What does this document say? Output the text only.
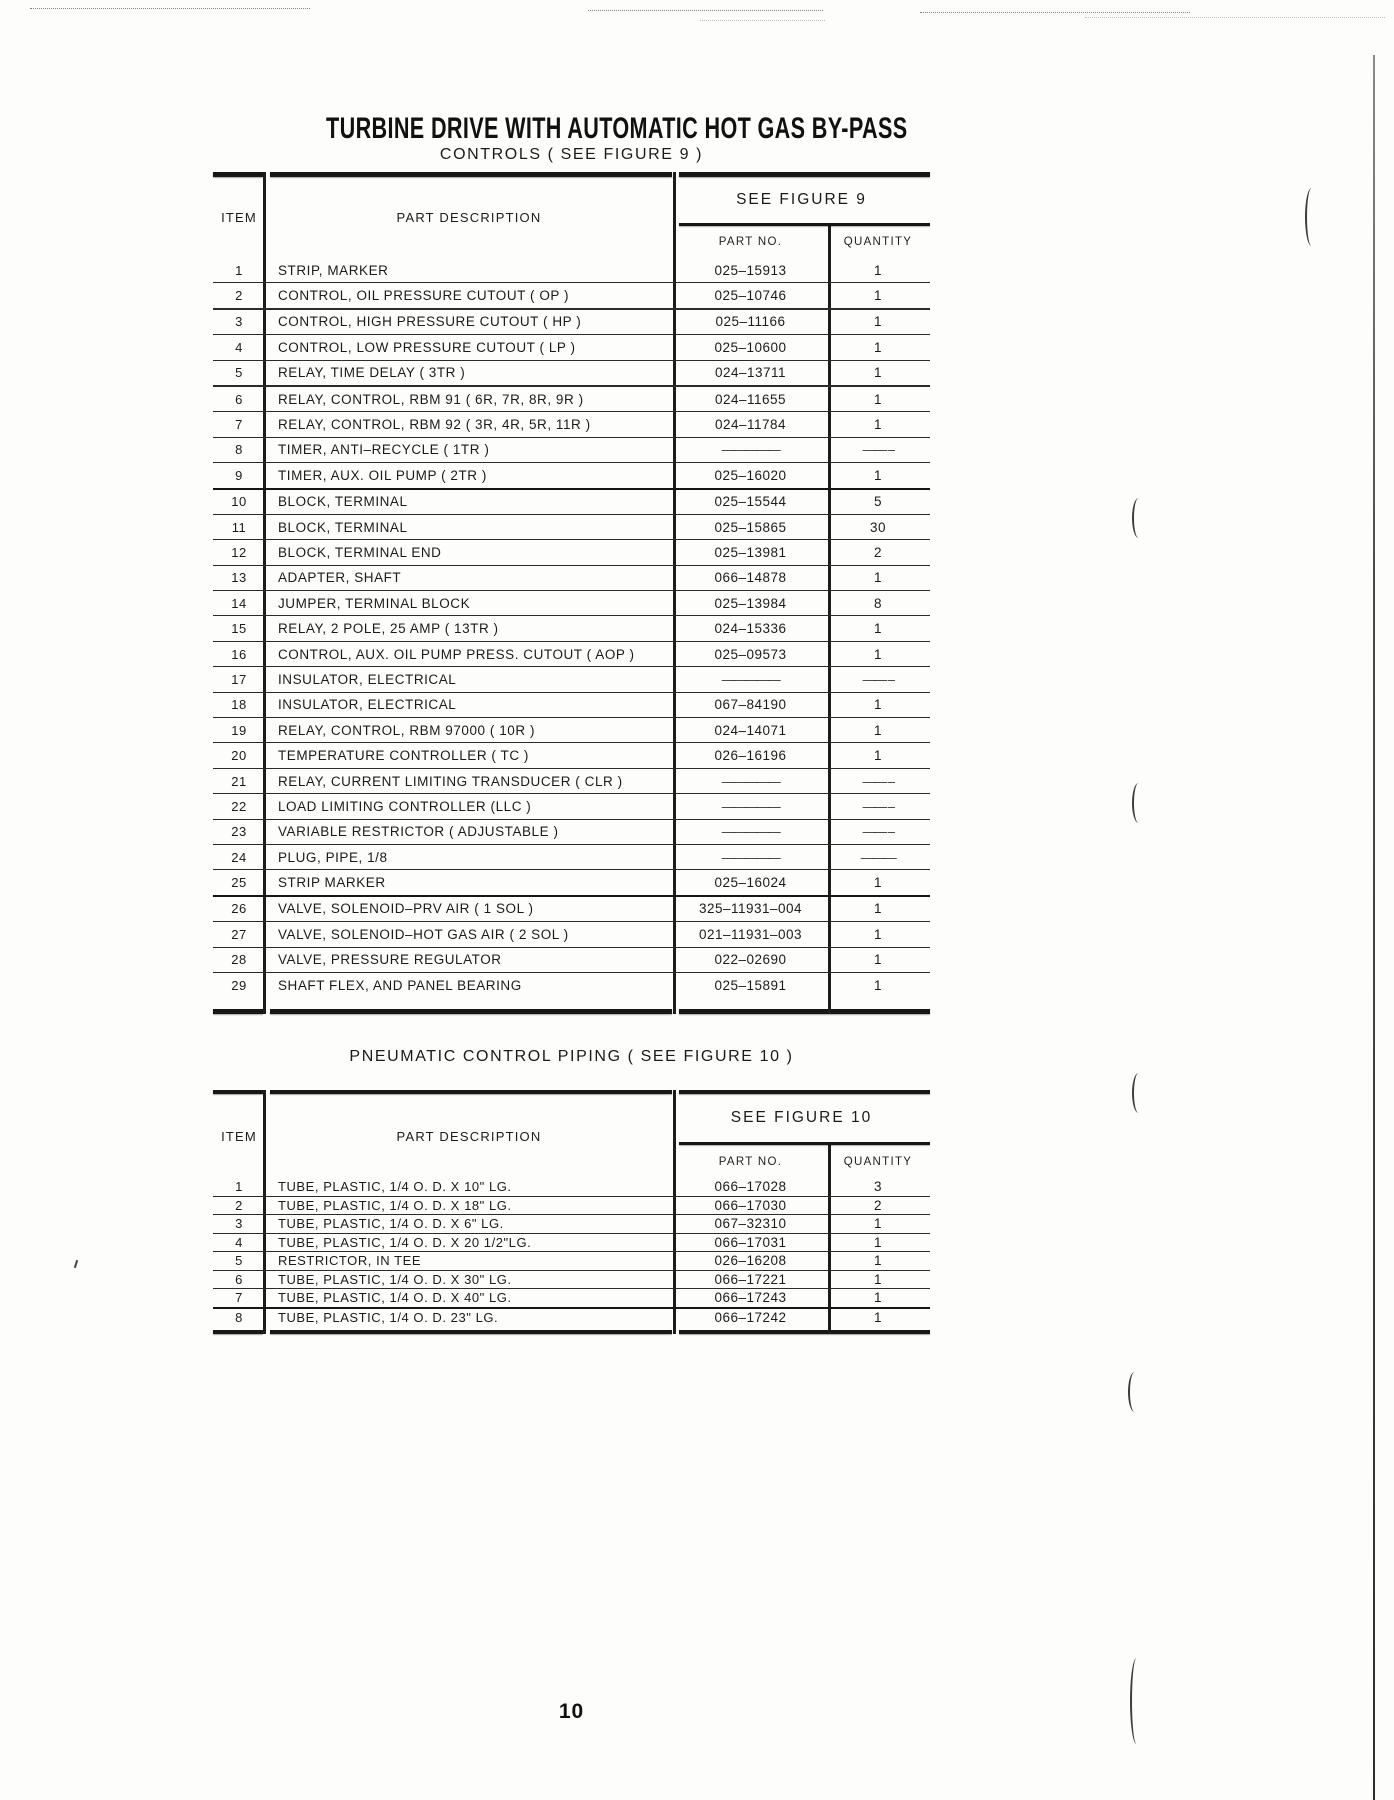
TURBINE DRIVE WITH AUTOMATIC HOT GAS BY-PASS
CONTROLS ( SEE FIGURE 9 )
ITEM	PART DESCRIPTION
SEE FIGURE 9
PART NO.	QUANTITY
1	STRIP, MARKER	025–15913	1
2	CONTROL, OIL PRESSURE CUTOUT ( OP )	025–10746	1
3	CONTROL, HIGH PRESSURE CUTOUT ( HP )	025–11166	1
4	CONTROL, LOW PRESSURE CUTOUT ( LP )	025–10600	1
5	RELAY, TIME DELAY ( 3TR )	024–13711	1
6	RELAY, CONTROL, RBM 91 ( 6R, 7R, 8R, 9R )	024–11655	1
7	RELAY, CONTROL, RBM 92 ( 3R, 4R, 5R, 11R )	024–11784	1
8	TIMER, ANTI–RECYCLE ( 1TR )	—————	—— –
9	TIMER, AUX. OIL PUMP ( 2TR )	025–16020	1
10	BLOCK, TERMINAL	025–15544	5
11	BLOCK, TERMINAL	025–15865	30
12	BLOCK, TERMINAL END	025–13981	2
13	ADAPTER, SHAFT	066–14878	1
14	JUMPER, TERMINAL BLOCK	025–13984	8
15	RELAY, 2 POLE, 25 AMP ( 13TR )	024–15336	1
16	CONTROL, AUX. OIL PUMP PRESS. CUTOUT ( AOP )	025–09573	1
17	INSULATOR, ELECTRICAL	—————	—— –
18	INSULATOR, ELECTRICAL	067–84190	1
19	RELAY, CONTROL, RBM 97000 ( 10R )	024–14071	1
20	TEMPERATURE CONTROLLER ( TC )	026–16196	1
21	RELAY, CURRENT LIMITING TRANSDUCER ( CLR )	—————	—— –
22	LOAD LIMITING CONTROLLER (LLC )	—————	—— –
23	VARIABLE RESTRICTOR ( ADJUSTABLE )	—————	—— –
24	PLUG, PIPE, 1/8	—————	———
25	STRIP MARKER	025–16024	1
26	VALVE, SOLENOID–PRV AIR ( 1 SOL )	325–11931–004	1
27	VALVE, SOLENOID–HOT GAS AIR ( 2 SOL )	021–11931–003	1
28	VALVE, PRESSURE REGULATOR	022–02690	1
29	SHAFT FLEX, AND PANEL BEARING	025–15891	1
PNEUMATIC CONTROL PIPING ( SEE FIGURE 10 )
ITEM	PART DESCRIPTION
SEE FIGURE 10
PART NO.	QUANTITY
1	TUBE, PLASTIC, 1/4 O. D. X 10" LG.	066–17028	3
2	TUBE, PLASTIC, 1/4 O. D. X 18" LG.	066–17030	2
3	TUBE, PLASTIC, 1/4 O. D. X 6" LG.	067–32310	1
4	TUBE, PLASTIC, 1/4 O. D. X 20 1/2"LG.	066–17031	1
5	RESTRICTOR, IN TEE	026–16208	1
6	TUBE, PLASTIC, 1/4 O. D. X 30" LG.	066–17221	1
7	TUBE, PLASTIC, 1/4 O. D. X 40" LG.	066–17243	1
8	TUBE, PLASTIC, 1/4 O. D. 23" LG.	066–17242	1
10
